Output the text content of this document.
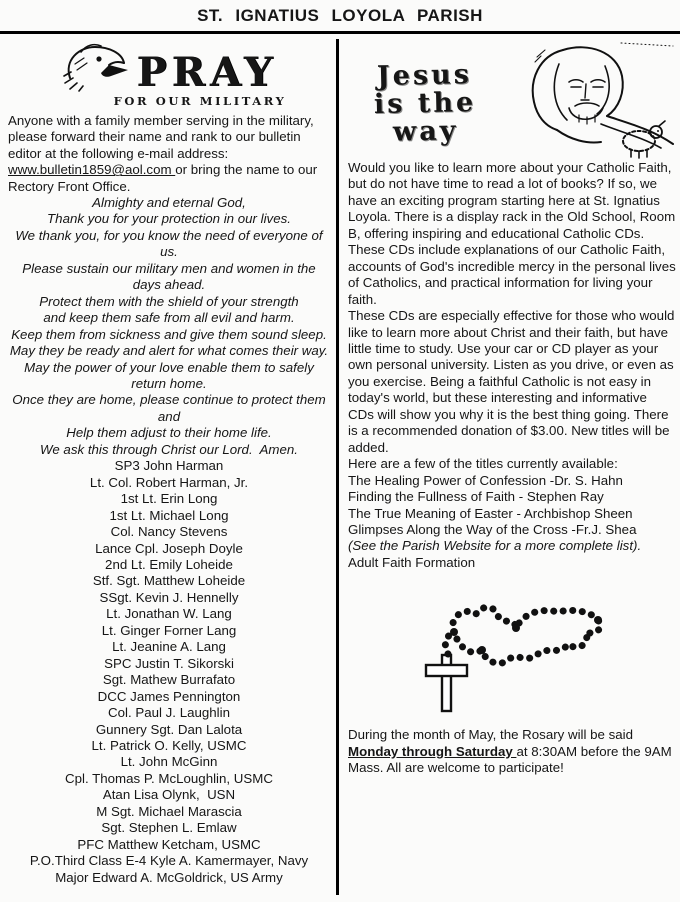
ST. IGNATIUS LOYOLA PARISH
PRAY
FOR OUR MILITARY
Anyone with a family member serving in the military, please forward their name and rank to our bulletin editor at the following e-mail address: www.bulletin1859@aol.com or bring the name to our Rectory Front Office.
Almighty and eternal God,
Thank you for your protection in our lives.
We thank you, for you know the need of everyone of us.
Please sustain our military men and women in the days ahead.
Protect them with the shield of your strength
and keep them safe from all evil and harm.
Keep them from sickness and give them sound sleep.
May they be ready and alert for what comes their way.
May the power of your love enable them to safely return home.
Once they are home, please continue to protect them and
Help them adjust to their home life.
We ask this through Christ our Lord.  Amen.
SP3 John Harman
Lt. Col. Robert Harman, Jr.
1st Lt. Erin Long
1st Lt. Michael Long
Col. Nancy Stevens
Lance Cpl. Joseph Doyle
2nd Lt. Emily Loheide
Stf. Sgt. Matthew Loheide
SSgt. Kevin J. Hennelly
Lt. Jonathan W. Lang
Lt. Ginger Forner Lang
Lt. Jeanine A. Lang
SPC Justin T. Sikorski
Sgt. Mathew Burrafato
DCC James Pennington
Col. Paul J. Laughlin
Gunnery Sgt. Dan Lalota
Lt. Patrick O. Kelly, USMC
Lt. John McGinn
Cpl. Thomas P. McLoughlin, USMC
Atan Lisa Olynk,  USN
M Sgt. Michael Marascia
Sgt. Stephen L. Emlaw
PFC Matthew Ketcham, USMC
P.O.Third Class E-4 Kyle A. Kamermayer, Navy
Major Edward A. McGoldrick, US Army
Jesus
is the
way
Would you like to learn more about your Catholic Faith, but do not have time to read a lot of books? If so, we have an exciting program starting here at St. Ignatius Loyola. There is a display rack in the Old School, Room B, offering inspiring and educational Catholic CDs. These CDs include explanations of our Catholic Faith, accounts of God's incredible mercy in the personal lives of Catholics, and practical information for living your faith.
These CDs are especially effective for those who would like to learn more about Christ and their faith, but have little time to study. Use your car or CD player as your own personal university. Listen as you drive, or even as you exercise. Being a faithful Catholic is not easy in today's world, but these interesting and informative CDs will show you why it is the best thing going. There is a recommended donation of $3.00. New titles will be added.
Here are a few of the titles currently available:
The Healing Power of Confession -Dr. S. Hahn
Finding the Fullness of Faith - Stephen Ray
The True Meaning of Easter - Archbishop Sheen
Glimpses Along the Way of the Cross -Fr.J. Shea
(See the Parish Website for a more complete list).
Adult Faith Formation
During the month of May, the Rosary will be said Monday through Saturday at 8:30AM before the 9AM Mass. All are welcome to participate!
